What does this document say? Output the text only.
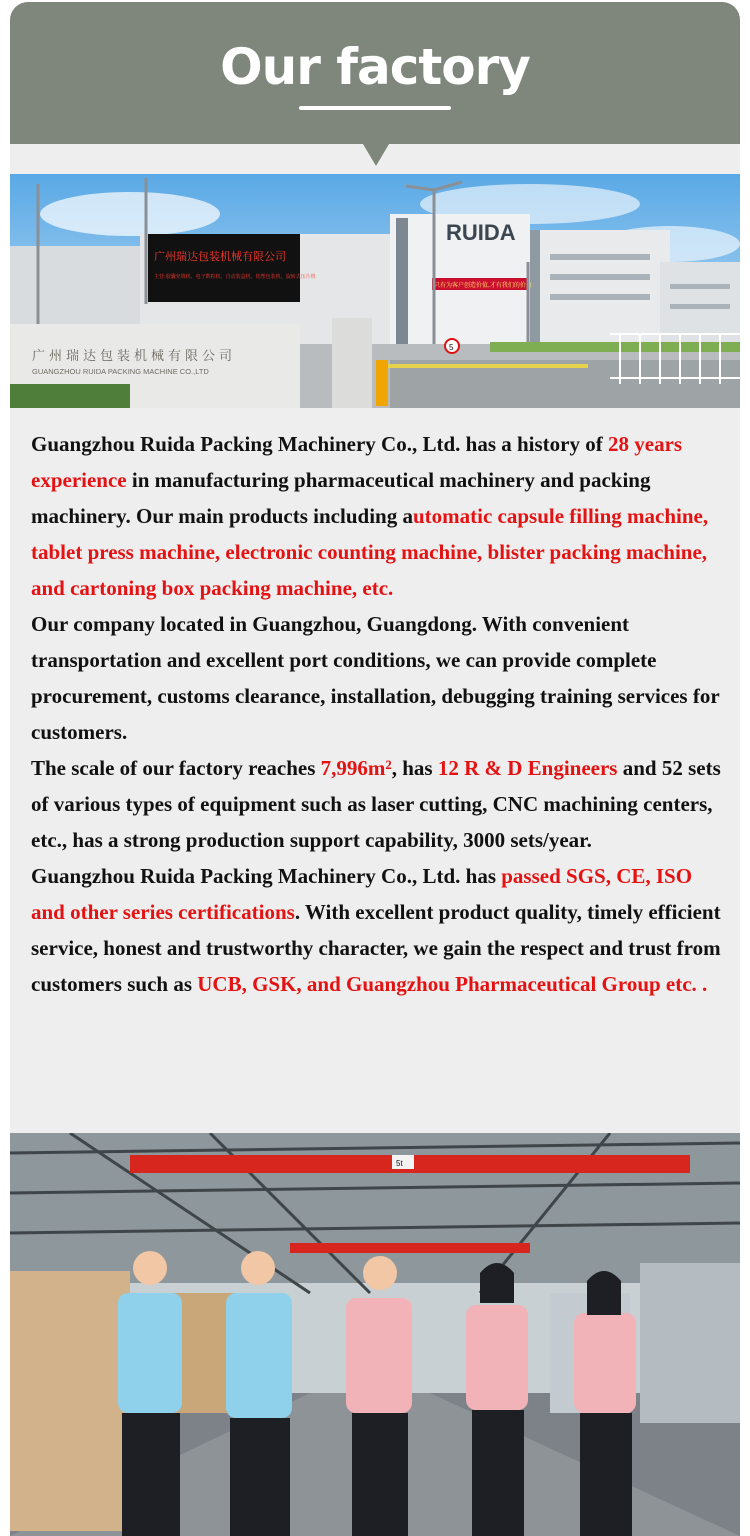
Our factory
RUIDA
广州瑞达包装机械有限公司
主营:胶囊充填机、电子数粒机、自动装盒机、铝塑包装机、旋转式压片机
只有为客户创造价值,才有我们的价值
广州瑞达包装机械有限公司
GUANGZHOU RUIDA PACKING MACHINE CO.,LTD
5

Guangzhou Ruida Packing Machinery Co., Ltd. has a history of 28 years experience in manufacturing pharmaceutical machinery and packing machinery. Our main products including automatic capsule filling machine, tablet press machine, electronic counting machine, blister packing machine, and cartoning box packing machine, etc.

Our company located in Guangzhou, Guangdong. With convenient transportation and excellent port conditions, we can provide complete procurement, customs clearance, installation, debugging training services for customers.

The scale of our factory reaches 7,996m², has 12 R & D Engineers and 52 sets of various types of equipment such as laser cutting, CNC machining centers, etc., has a strong production support capability, 3000 sets/year.

Guangzhou Ruida Packing Machinery Co., Ltd. has passed SGS, CE, ISO and other series certifications. With excellent product quality, timely efficient service, honest and trustworthy character, we gain the respect and trust from customers such as UCB, GSK, and Guangzhou Pharmaceutical Group etc. .

5t
